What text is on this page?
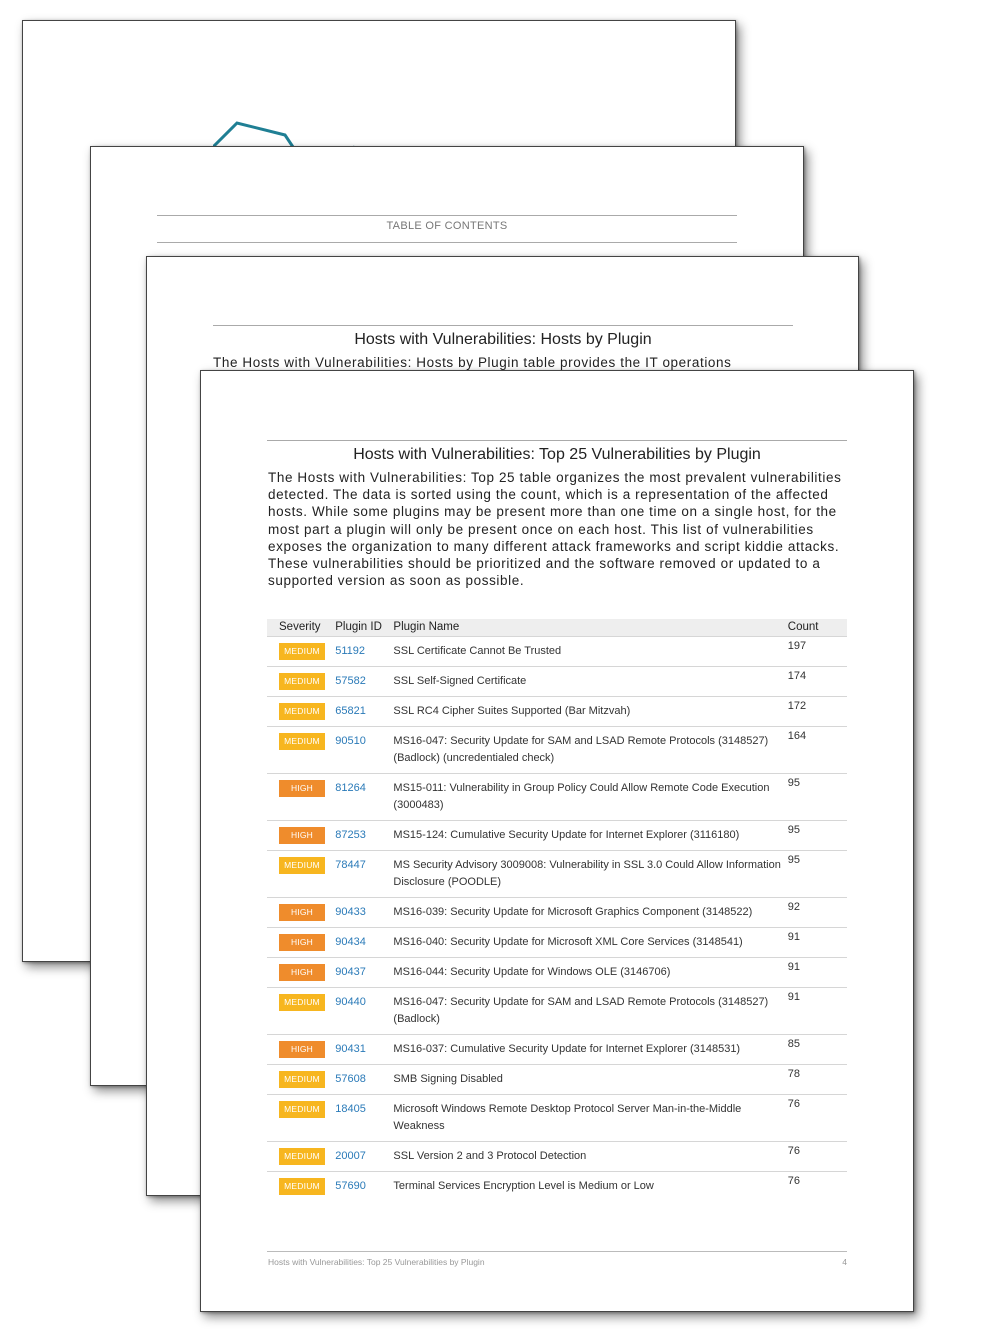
TABLE OF CONTENTS
Hosts with Vulnerabilities: Hosts by Plugin
The Hosts with Vulnerabilities: Hosts by Plugin table provides the IT operations
Hosts with Vulnerabilities: Top 25 Vulnerabilities by Plugin
The Hosts with Vulnerabilities: Top 25 table organizes the most prevalent vulnerabilities detected. The data is sorted using the count, which is a representation of the affected hosts. While some plugins may be present more than one time on a single host, for the most part a plugin will only be present once on each host. This list of vulnerabilities exposes the organization to many different attack frameworks and script kiddie attacks. These vulnerabilities should be prioritized and the software removed or updated to a supported version as soon as possible.
Severity	Plugin ID	Plugin Name	Count
MEDIUM	51192	SSL Certificate Cannot Be Trusted	197
MEDIUM	57582	SSL Self-Signed Certificate	174
MEDIUM	65821	SSL RC4 Cipher Suites Supported (Bar Mitzvah)	172
MEDIUM	90510	MS16-047: Security Update for SAM and LSAD Remote Protocols (3148527) (Badlock) (uncredentialed check)	164
HIGH	81264	MS15-011: Vulnerability in Group Policy Could Allow Remote Code Execution (3000483)	95
HIGH	87253	MS15-124: Cumulative Security Update for Internet Explorer (3116180)	95
MEDIUM	78447	MS Security Advisory 3009008: Vulnerability in SSL 3.0 Could Allow Information Disclosure (POODLE)	95
HIGH	90433	MS16-039: Security Update for Microsoft Graphics Component (3148522)	92
HIGH	90434	MS16-040: Security Update for Microsoft XML Core Services (3148541)	91
HIGH	90437	MS16-044: Security Update for Windows OLE (3146706)	91
MEDIUM	90440	MS16-047: Security Update for SAM and LSAD Remote Protocols (3148527) (Badlock)	91
HIGH	90431	MS16-037: Cumulative Security Update for Internet Explorer (3148531)	85
MEDIUM	57608	SMB Signing Disabled	78
MEDIUM	18405	Microsoft Windows Remote Desktop Protocol Server Man-in-the-Middle Weakness	76
MEDIUM	20007	SSL Version 2 and 3 Protocol Detection	76
MEDIUM	57690	Terminal Services Encryption Level is Medium or Low	76
Hosts with Vulnerabilities: Top 25 Vulnerabilities by Plugin	4
